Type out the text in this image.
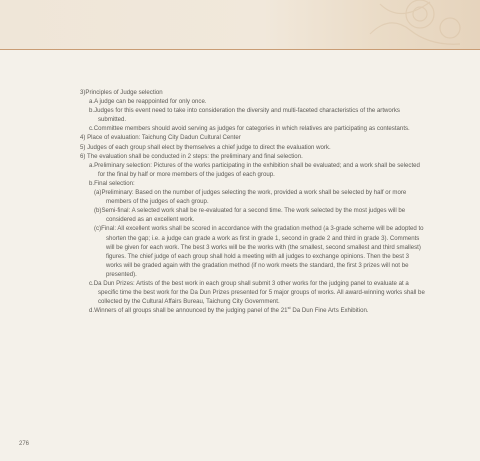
3)Principles of Judge selection

a.A judge can be reappointed for only once.

b.Judges for this event need to take into consideration the diversity and multi-faceted characteristics of the artworks submitted.

c.Committee members should avoid serving as judges for categories in which relatives are participating as contestants.

4) Place of evaluation: Taichung City Dadun Cultural Center

5) Judges of each group shall elect by themselves a chief judge to direct the evaluation work.

6) The evaluation shall be conducted in 2 steps: the preliminary and final selection.

a.Preliminary selection: Pictures of the works participating in the exhibition shall be evaluated; and a work shall be selected for the final by half or more members of the judges of each group.

b.Final selection:

(a)Preliminary: Based on the number of judges selecting the work, provided a work shall be selected by half or more members of the judges of each group.

(b)Semi-final: A selected work shall be re-evaluated for a second time. The work selected by the most judges will be considered as an excellent work.

(c)Final: All excellent works shall be scored in accordance with the gradation method (a 3-grade scheme will be adopted to shorten the gap; i.e. a judge can grade a work as first in grade 1, second in grade 2 and third in grade 3). Comments will be given for each work. The best 3 works will be the works with (the smallest, second smallest and third smallest) figures. The chief judge of each group shall hold a meeting with all judges to exchange opinions. Then the best 3 works will be graded again with the gradation method (if no work meets the standard, the first 3 prizes will not be presented).

c.Da Dun Prizes: Artists of the best work in each group shall submit 3 other works for the judging panel to evaluate at a specific time the best work for the Da Dun Prizes presented for 5 major groups of works. All award-winning works shall be collected by the Cultural Affairs Bureau, Taichung City Government.

d.Winners of all groups shall be announced by the judging panel of the 21st Da Dun Fine Arts Exhibition.

276
